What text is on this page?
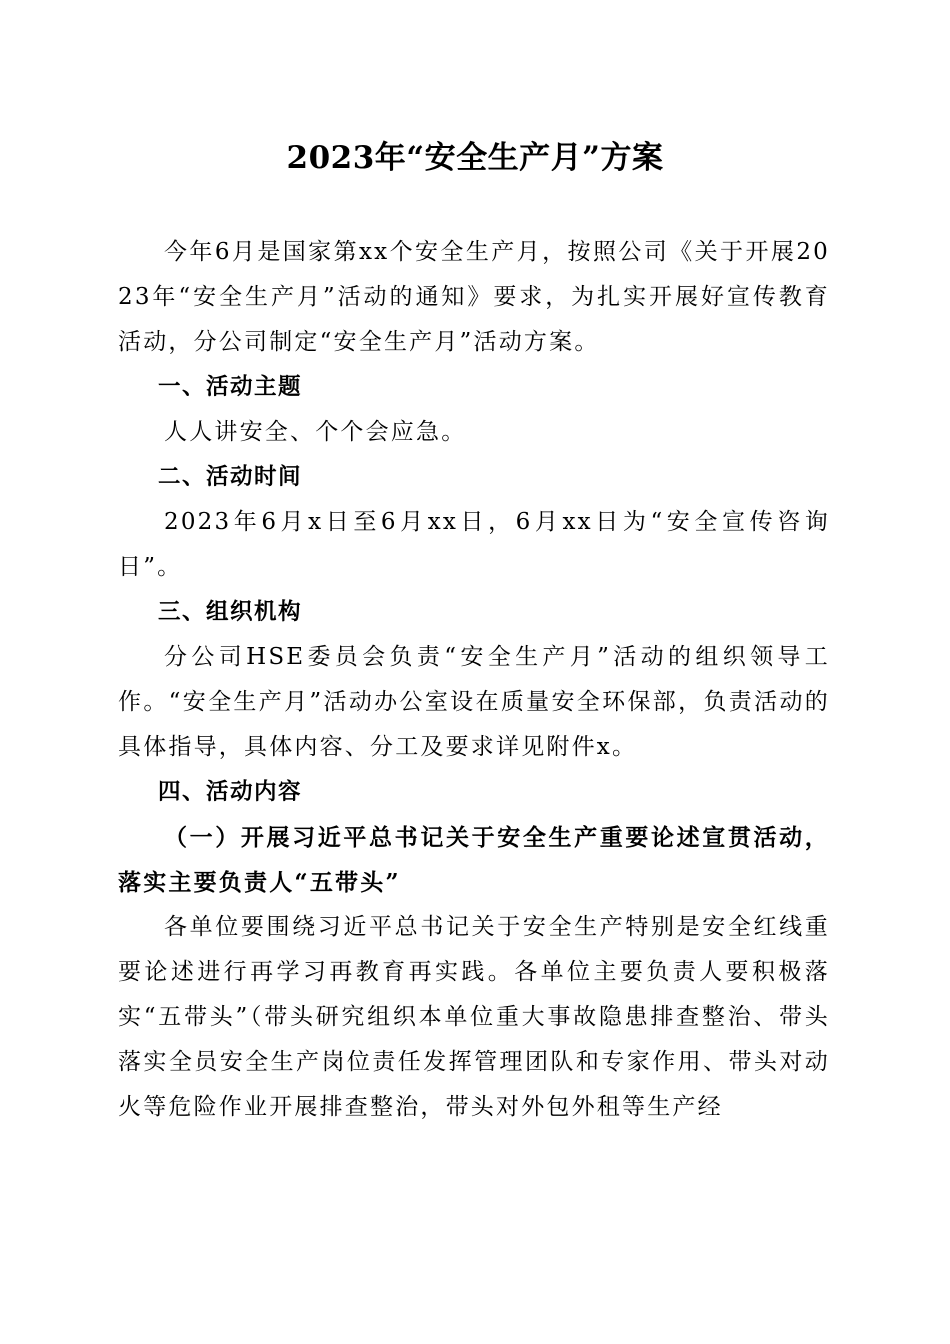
2023年“安全生产月”方案

今年6月是国家第xx个安全生产月，按照公司《关于开展2023年“安全生产月”活动的通知》要求，为扎实开展好宣传教育活动，分公司制定“安全生产月”活动方案。

一、活动主题

人人讲安全、个个会应急。

二、活动时间

2023年6月x日至6月xx日，6月xx日为“安全宣传咨询日”。

三、组织机构

分公司HSE委员会负责“安全生产月”活动的组织领导工作。“安全生产月”活动办公室设在质量安全环保部，负责活动的具体指导，具体内容、分工及要求详见附件x。

四、活动内容

（一）开展习近平总书记关于安全生产重要论述宣贯活动，落实主要负责人“五带头”

各单位要围绕习近平总书记关于安全生产特别是安全红线重要论述进行再学习再教育再实践。各单位主要负责人要积极落实“五带头”（带头研究组织本单位重大事故隐患排查整治、带头落实全员安全生产岗位责任发挥管理团队和专家作用、带头对动火等危险作业开展排查整治，带头对外包外租等生产经
